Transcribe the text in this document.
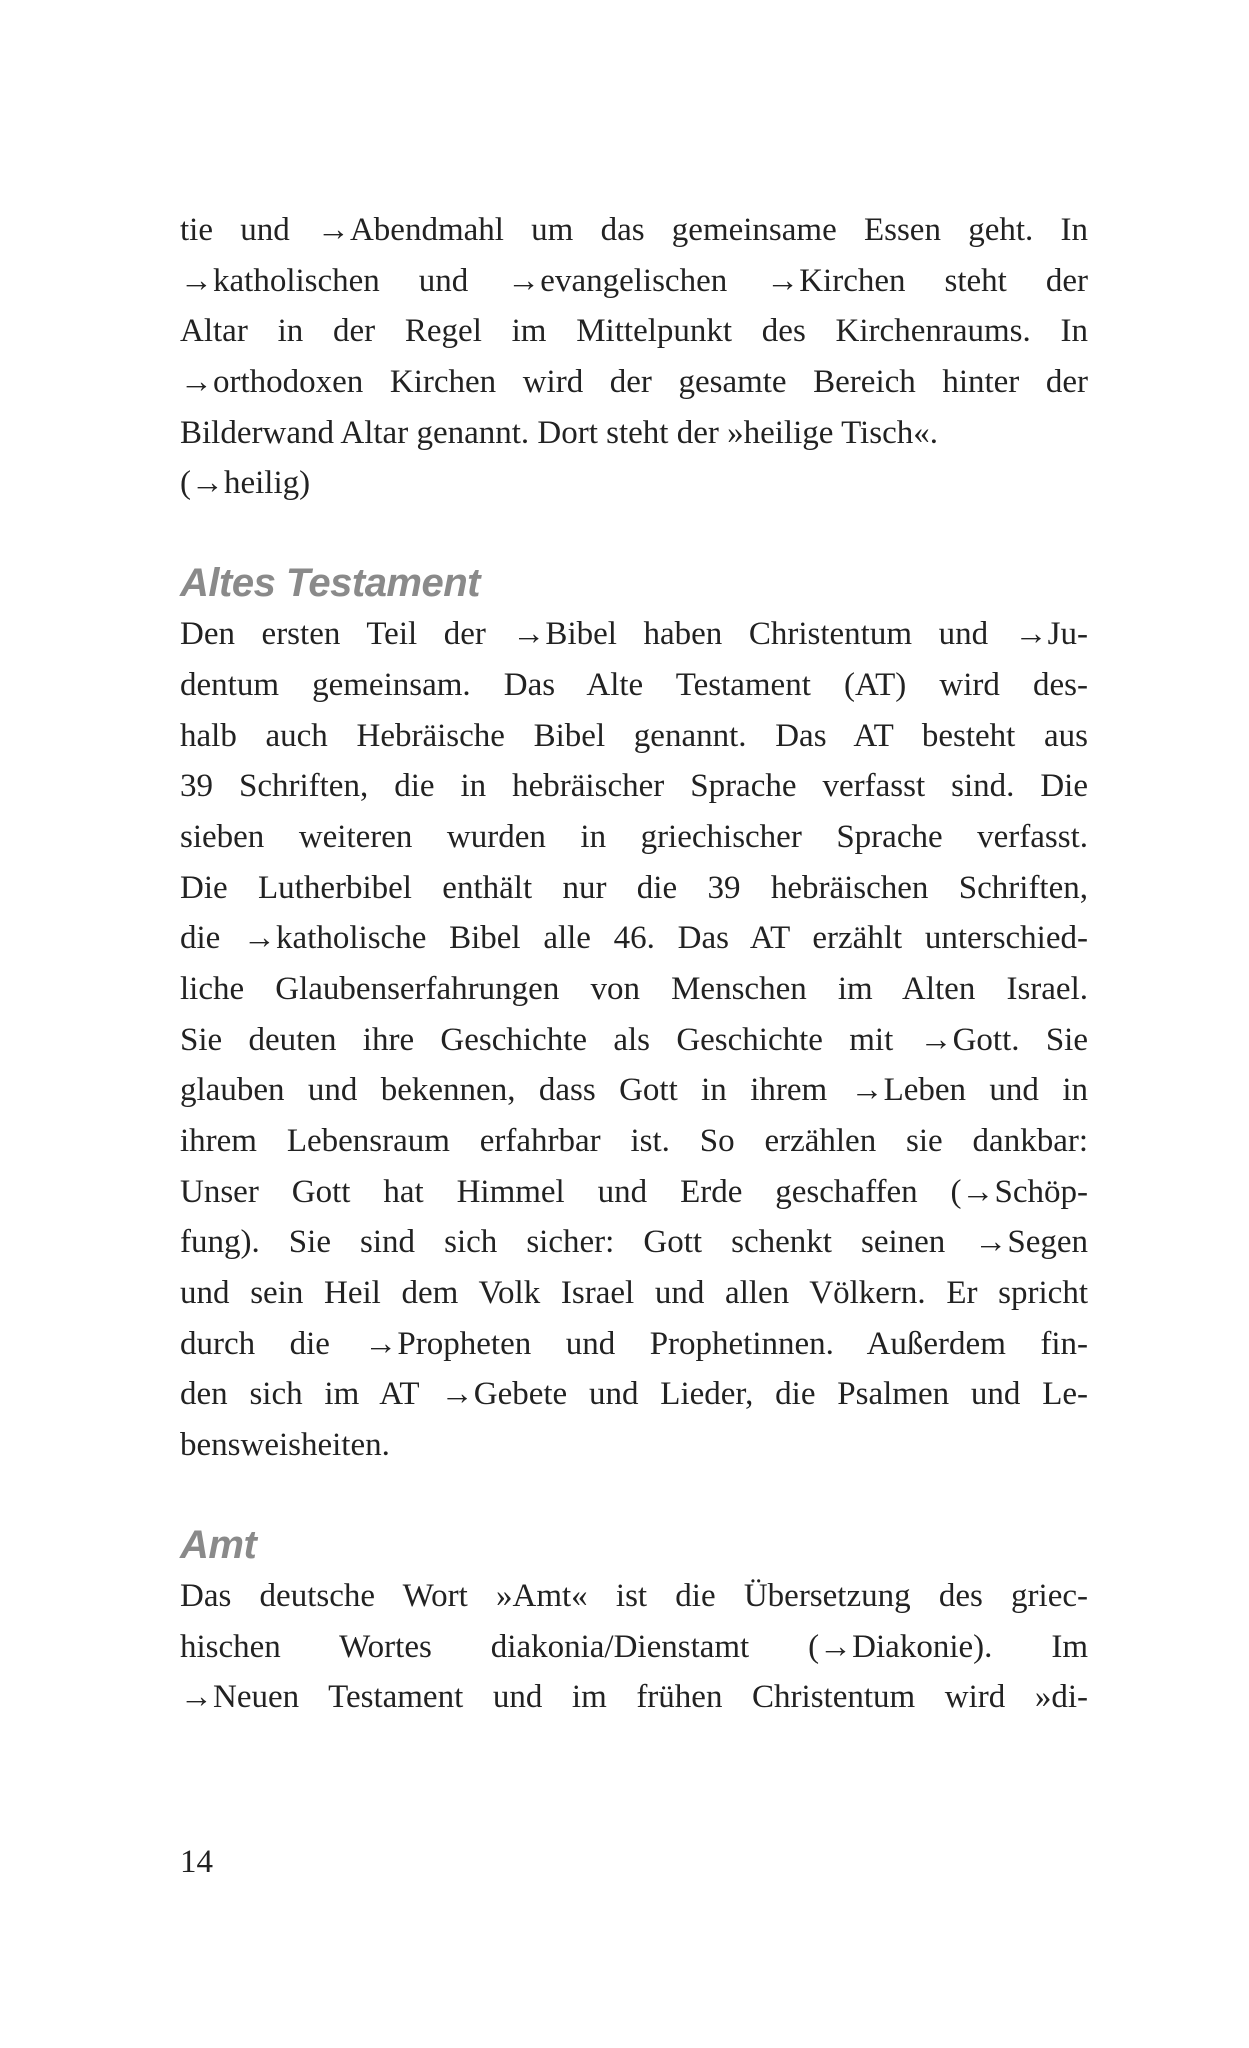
tie und →Abendmahl um das gemeinsame Essen geht. In
→katholischen und →evangelischen →Kirchen steht der
Altar in der Regel im Mittelpunkt des Kirchenraums. In
→orthodoxen Kirchen wird der gesamte Bereich hinter der
Bilderwand Altar genannt. Dort steht der »heilige Tisch«.
(→heilig)
Altes Testament
Den ersten Teil der →Bibel haben Christentum und →Ju-
dentum gemeinsam. Das Alte Testament (AT) wird des-
halb auch Hebräische Bibel genannt. Das AT besteht aus
39 Schriften, die in hebräischer Sprache verfasst sind. Die
sieben weiteren wurden in griechischer Sprache verfasst.
Die Lutherbibel enthält nur die 39 hebräischen Schriften,
die →katholische Bibel alle 46. Das AT erzählt unterschied-
liche Glaubenserfahrungen von Menschen im Alten Israel.
Sie deuten ihre Geschichte als Geschichte mit →Gott. Sie
glauben und bekennen, dass Gott in ihrem →Leben und in
ihrem Lebensraum erfahrbar ist. So erzählen sie dankbar:
Unser Gott hat Himmel und Erde geschaffen (→Schöp-
fung). Sie sind sich sicher: Gott schenkt seinen →Segen
und sein Heil dem Volk Israel und allen Völkern. Er spricht
durch die →Propheten und Prophetinnen. Außerdem fin-
den sich im AT →Gebete und Lieder, die Psalmen und Le-
bensweisheiten.
Amt
Das deutsche Wort »Amt« ist die Übersetzung des griec-
hischen Wortes diakonia/Dienstamt (→Diakonie). Im
→Neuen Testament und im frühen Christentum wird »di-
14
